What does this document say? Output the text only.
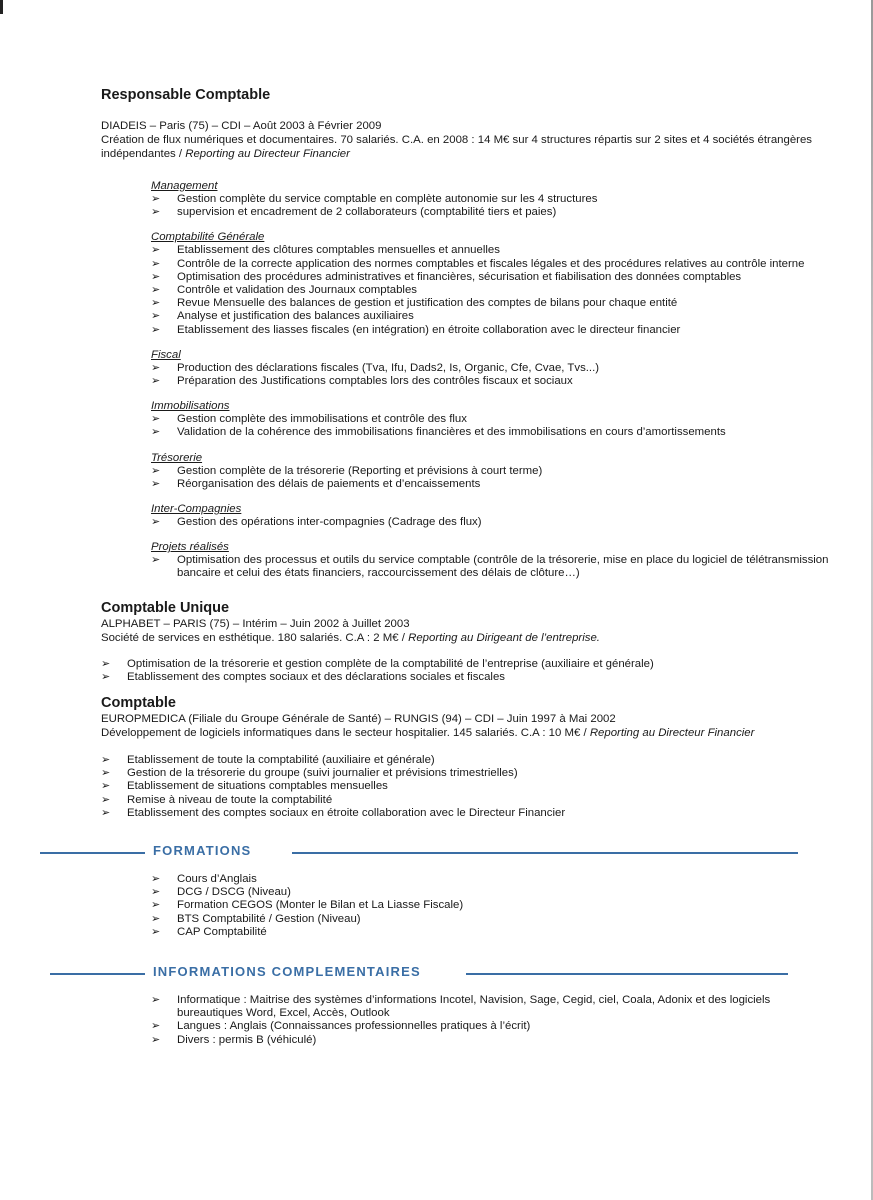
Responsable Comptable
DIADEIS – Paris (75) – CDI – Août 2003 à Février 2009
Création de flux numériques et documentaires. 70 salariés. C.A. en 2008 : 14 M€ sur 4 structures répartis sur 2 sites et 4 sociétés étrangères indépendantes / Reporting au Directeur Financier
Management
➢	Gestion complète du service comptable en complète autonomie sur les 4 structures
➢	supervision et encadrement de 2 collaborateurs (comptabilité tiers et paies)
Comptabilité Générale
➢	Etablissement des clôtures comptables mensuelles et annuelles
➢	Contrôle de la correcte application des normes comptables et fiscales légales et des procédures relatives au contrôle interne
➢	Optimisation des procédures administratives et financières, sécurisation et fiabilisation des données comptables
➢	Contrôle et validation des Journaux comptables
➢	Revue Mensuelle des balances de gestion et justification des comptes de bilans pour chaque entité
➢	Analyse et justification des balances auxiliaires
➢	Etablissement des liasses fiscales (en intégration) en étroite collaboration avec le directeur financier
Fiscal
➢	Production des déclarations fiscales (Tva, Ifu, Dads2, Is, Organic, Cfe, Cvae, Tvs...)
➢	Préparation des Justifications comptables lors des contrôles fiscaux et sociaux
Immobilisations
➢	Gestion complète des immobilisations et contrôle des flux
➢	Validation de la cohérence des immobilisations financières et des immobilisations en cours d’amortissements
Trésorerie
➢	Gestion complète de la trésorerie (Reporting et prévisions à court terme)
➢	Réorganisation des délais de paiements et d’encaissements
Inter-Compagnies
➢	Gestion des opérations inter-compagnies (Cadrage des flux)
Projets réalisés
➢	Optimisation des processus et outils du service comptable (contrôle de la trésorerie, mise en place du logiciel de télétransmission bancaire et celui des états financiers, raccourcissement des délais de clôture…)
Comptable Unique
ALPHABET – PARIS (75) – Intérim – Juin 2002 à Juillet 2003
Société de services en esthétique. 180 salariés. C.A : 2 M€ / Reporting au Dirigeant de l’entreprise.
➢	Optimisation de la trésorerie et gestion complète de la comptabilité de l’entreprise (auxiliaire et générale)
➢	Etablissement des comptes sociaux et des déclarations sociales et fiscales
Comptable
EUROPMEDICA (Filiale du Groupe Générale de Santé) – RUNGIS (94) – CDI – Juin 1997 à Mai 2002
Développement de logiciels informatiques dans le secteur hospitalier. 145 salariés. C.A : 10 M€ / Reporting au Directeur Financier
➢	Etablissement de toute la comptabilité (auxiliaire et générale)
➢	Gestion de la trésorerie du groupe (suivi journalier et prévisions trimestrielles)
➢	Etablissement de situations comptables mensuelles
➢	Remise à niveau de toute la comptabilité
➢	Etablissement des comptes sociaux en étroite collaboration avec le Directeur Financier
FORMATIONS
➢	Cours d’Anglais
➢	DCG / DSCG (Niveau)
➢	Formation CEGOS (Monter le Bilan et La Liasse Fiscale)
➢	BTS Comptabilité / Gestion (Niveau)
➢	CAP Comptabilité
INFORMATIONS COMPLEMENTAIRES
➢	Informatique : Maitrise des systèmes d’informations Incotel, Navision, Sage, Cegid, ciel, Coala, Adonix et des logiciels bureautiques Word, Excel, Accès, Outlook
➢	Langues : Anglais (Connaissances professionnelles pratiques à l’écrit)
➢	Divers : permis B (véhiculé)
